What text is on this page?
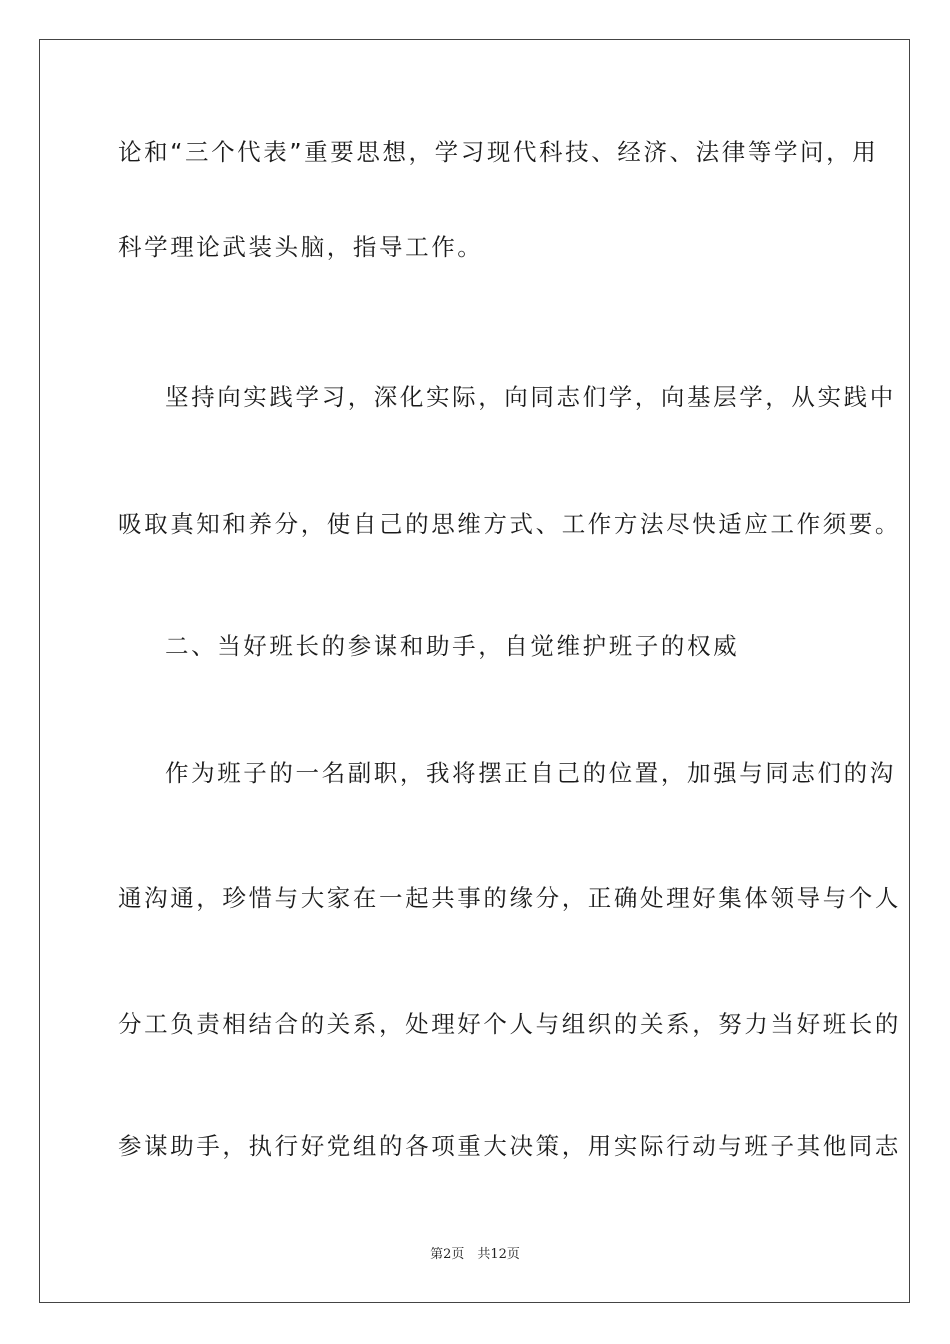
论和“三个代表”重要思想，学习现代科技、经济、法律等学问，用
科学理论武装头脑，指导工作。
坚持向实践学习，深化实际，向同志们学，向基层学，从实践中
吸取真知和养分，使自己的思维方式、工作方法尽快适应工作须要。
二、当好班长的参谋和助手，自觉维护班子的权威
作为班子的一名副职，我将摆正自己的位置，加强与同志们的沟
通沟通，珍惜与大家在一起共事的缘分，正确处理好集体领导与个人
分工负责相结合的关系，处理好个人与组织的关系，努力当好班长的
参谋助手，执行好党组的各项重大决策，用实际行动与班子其他同志
第2页　共12页
